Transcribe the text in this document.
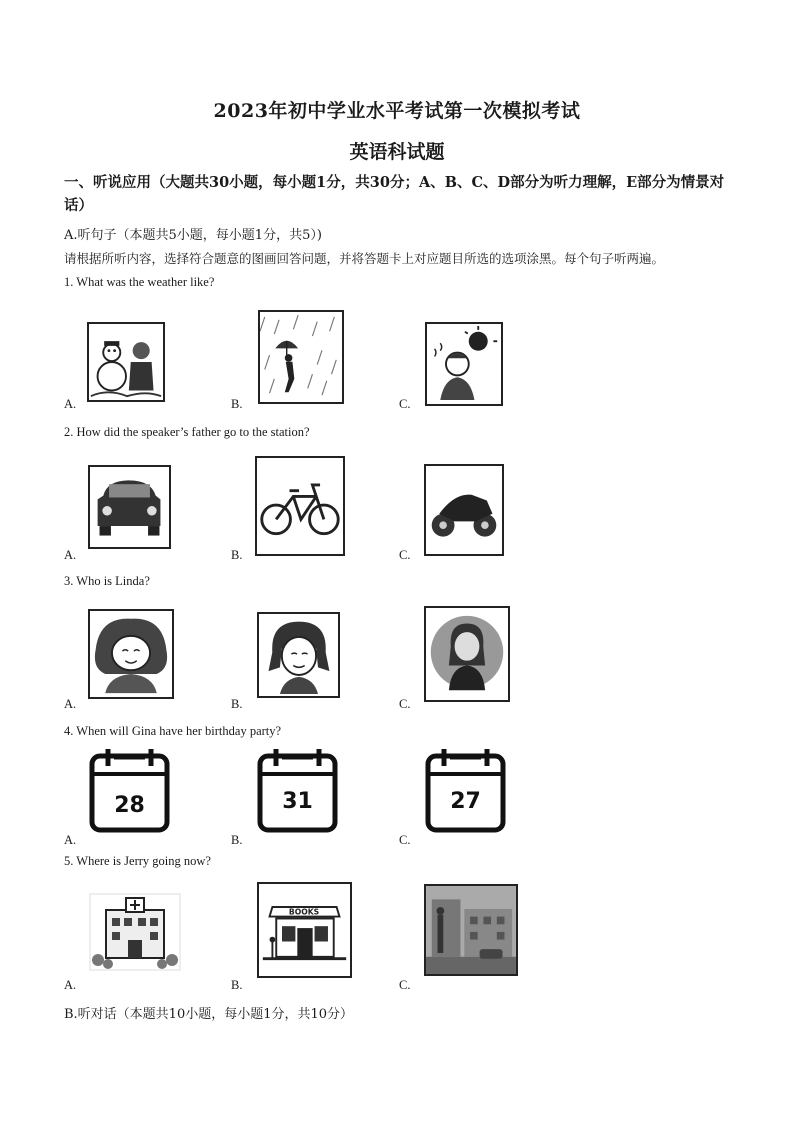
2023年初中学业水平考试第一次模拟考试
英语科试题
一、听说应用（大题共30小题，每小题1分，共30分；A、B、C、D部分为听力理解，E部分为情景对话）
A.听句子（本题共5小题，每小题1分，共5）)
请根据所听内容，选择符合题意的图画回答问题，并将答题卡上对应题目所选的选项涂黑。每个句子听两遍。
1. What was the weather like?
A.	B.	C.
2. How did the speaker’s father go to the station?
A.	B.	C.
3. Who is Linda?
A.	B.	C.
4. When will Gina have her birthday party?
28
A.
31
B.
27
C.
5. Where is Jerry going now?
A.
BOOKS
B.	C.
B.听对话（本题共10小题，每小题1分，共10分）
